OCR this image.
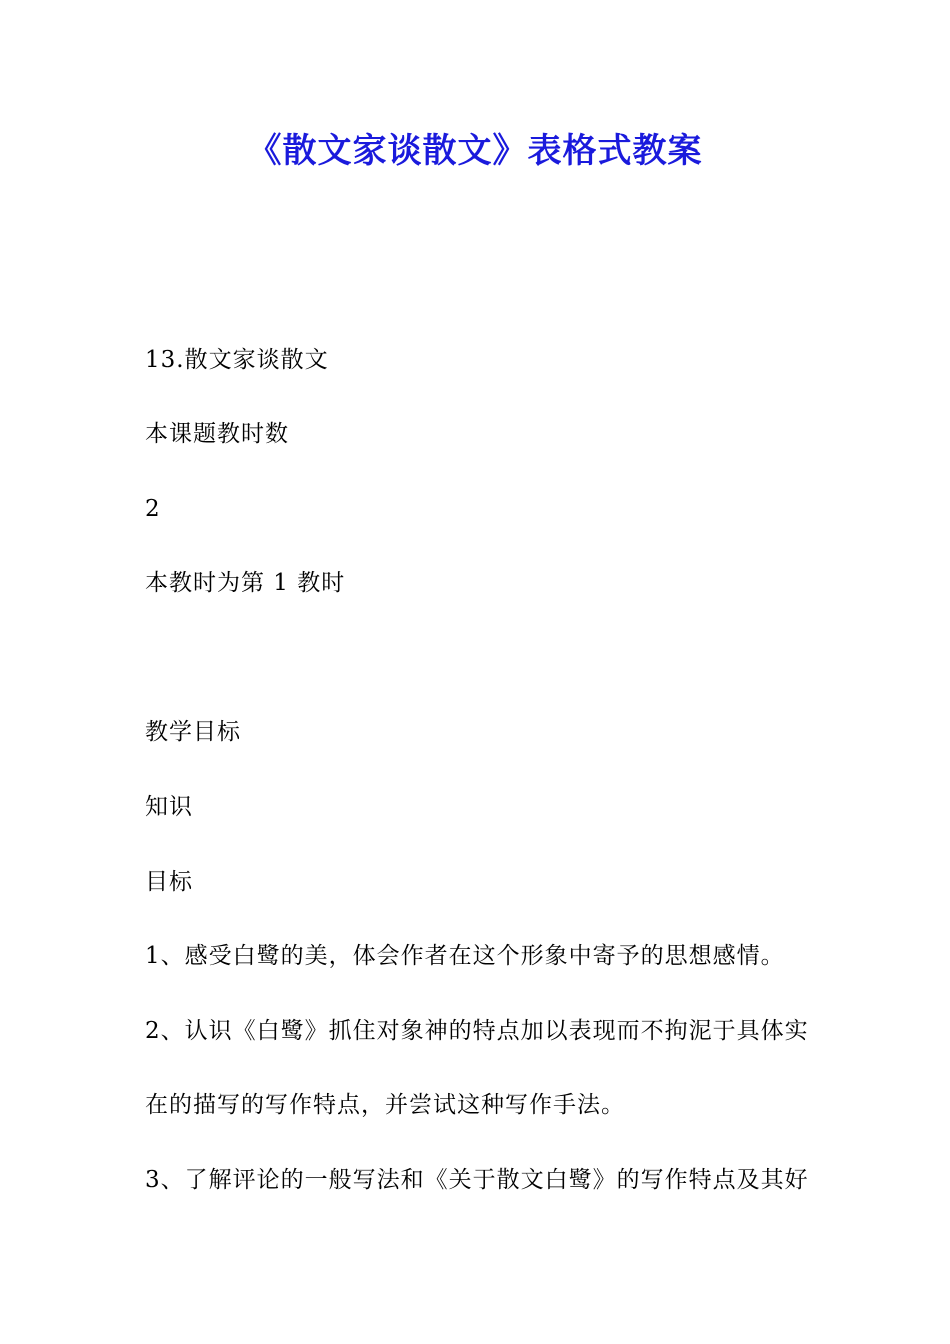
《散文家谈散文》表格式教案

13.散文家谈散文

本课题教时数

2

本教时为第 1 教时

教学目标

知识

目标

1、感受白鹭的美，体会作者在这个形象中寄予的思想感情。

2、认识《白鹭》抓住对象神的特点加以表现而不拘泥于具体实

在的描写的写作特点，并尝试这种写作手法。

3、了解评论的一般写法和《关于散文白鹭》的写作特点及其好
